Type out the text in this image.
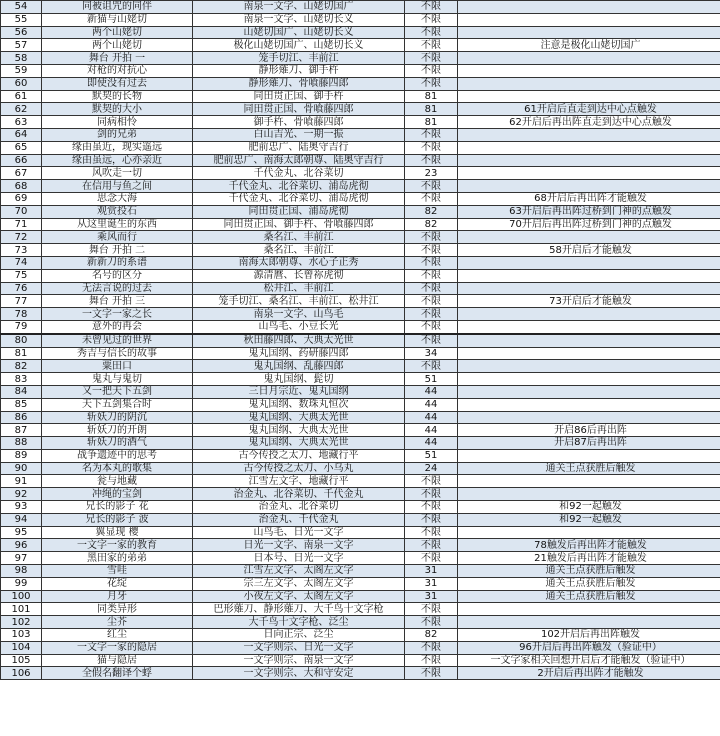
54	同被诅咒的同伴	南泉一文字、山姥切国广	不限	
55	新猫与山姥切	南泉一文字、山姥切长义	不限	
56	两个山姥切	山姥切国广、山姥切长义	不限	
57	两个山姥切	极化山姥切国广、山姥切长义	不限	注意是极化山姥切国广
58	舞台 开拍 一	笼手切江、丰前江	不限	
59	对枪的对抗心	静形薙刀、御手杵	不限	
60	即使没有过去	静形薙刀、骨喰藤四郎	不限	
61	默契的长物	同田贯正国、御手杵	81	
62	默契的大小	同田贯正国、骨喰藤四郎	81	61开启后直走到达中心点触发
63	同病相怜	御手杵、骨喰藤四郎	81	62开启后再出阵直走到达中心点触发
64	剑的兄弟	白山吉光、一期一振	不限	
65	缘由虽近，现实遥远	肥前忠广、陆奥守吉行	不限	
66	缘由虽远，心亦亲近	肥前忠广、南海太郎朝尊、陆奥守吉行	不限	
67	风吹走一切	千代金丸、北谷菜切	23	
68	在信用与鱼之间	千代金丸、北谷菜切、浦岛虎彻	不限	
69	思念大海	千代金丸、北谷菜切、浦岛虎彻	不限	68开启后再出阵才能触发
70	观赏投石	同田贯正国、浦岛虎彻	82	63开启后再出阵过桥到门神的点触发
71	从这里诞生的东西	同田贯正国、御手杵、骨喰藤四郎	82	70开启后再出阵过桥到门神的点触发
72	乘风而行	桑名江、丰前江	不限	
73	舞台 开拍 二	桑名江、丰前江	不限	58开启后才能触发
74	新新刀的系谱	南海太郎朝尊、水心子正秀	不限	
75	名号的区分	源清麿、长曾祢虎彻	不限	
76	无法言说的过去	松井江、丰前江	不限	
77	舞台 开拍 三	笼手切江、桑名江、丰前江、松井江	不限	73开启后才能触发
78	一文字一家之长	南泉一文字、山鸟毛	不限	
79	意外的再会	山鸟毛、小豆长光	不限	
80	未曾见过的世界	秋田藤四郎、大典太光世	不限	
81	秀吉与信长的故事	鬼丸国纲、药研藤四郎	34	
82	粟田口	鬼丸国纲、乱藤四郎	不限	
83	鬼丸与鬼切	鬼丸国纲、髭切	51	
84	又一把天下五剑	三日月宗近、鬼丸国纲	44	
85	天下五剑集合时	鬼丸国纲、数珠丸恒次	44	
86	斩妖刀的阴沉	鬼丸国纲、大典太光世	44	
87	斩妖刀的开朗	鬼丸国纲、大典太光世	44	开启86后再出阵
88	斩妖刀的酒气	鬼丸国纲、大典太光世	44	开启87后再出阵
89	战争遗迹中的思考	古今传授之太刀、地藏行平	51	
90	名为本丸的歌集	古今传授之太刀、小乌丸	24	通关王点获胜后触发
91	瓮与地藏	江雪左文字、地藏行平	不限	
92	冲绳的宝剑	治金丸、北谷菜切、千代金丸	不限	
93	兄长的影子 花	治金丸、北谷菜切	不限	和92一起触发
94	兄长的影子 波	治金丸、千代金丸	不限	和92一起触发
95	翼显现 樱	山鸟毛、日光一文字	不限	
96	一文字一家的教育	日光一文字、南泉一文字	不限	78触发后再出阵才能触发
97	黑田家的弟弟	日本号、日光一文字	不限	21触发后再出阵才能触发
98	雪哇	江雪左文字、太阁左文字	31	通关王点获胜后触发
99	花绽	宗三左文字、太阁左文字	31	通关王点获胜后触发
100	月牙	小夜左文字、太阁左文字	31	通关王点获胜后触发
101	同类异形	巴形薙刀、静形薙刀、大千鸟十文字枪	不限	
102	尘芥	大千鸟十文字枪、泛尘	不限	
103	红尘	日向正宗、泛尘	82	102开启后再出阵触发
104	一文字一家的隐居	一文字则宗、日光一文字	不限	96开启后再出阵触发（验证中）
105	猫与隐居	一文字则宗、南泉一文字	不限	一文字家相关回想开启后才能触发（验证中）
106	全假名翻译个蜉	一文字则宗、大和守安定	不限	2开启后再出阵才能触发
